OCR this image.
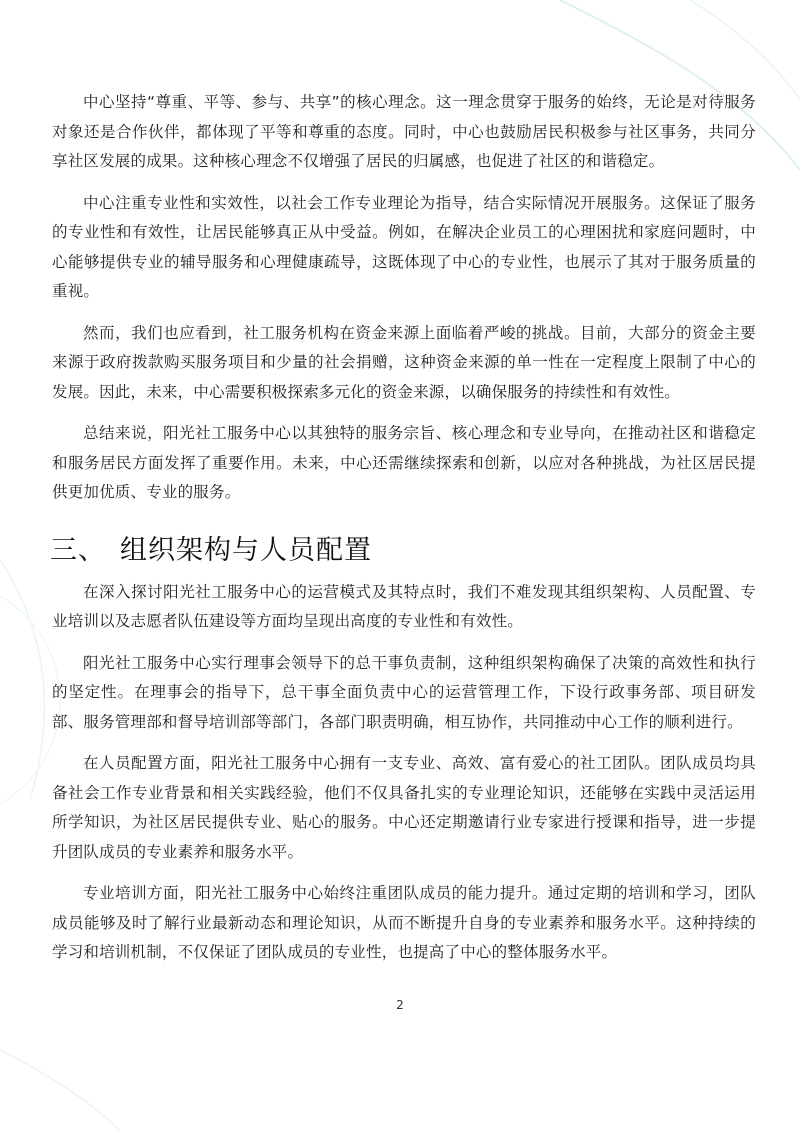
中心坚持“尊重、平等、参与、共享”的核心理念。这一理念贯穿于服务的始终，无论是对待服务对象还是合作伙伴，都体现了平等和尊重的态度。同时，中心也鼓励居民积极参与社区事务，共同分享社区发展的成果。这种核心理念不仅增强了居民的归属感，也促进了社区的和谐稳定。

中心注重专业性和实效性，以社会工作专业理论为指导，结合实际情况开展服务。这保证了服务的专业性和有效性，让居民能够真正从中受益。例如，在解决企业员工的心理困扰和家庭问题时，中心能够提供专业的辅导服务和心理健康疏导，这既体现了中心的专业性，也展示了其对于服务质量的重视。

然而，我们也应看到，社工服务机构在资金来源上面临着严峻的挑战。目前，大部分的资金主要来源于政府拨款购买服务项目和少量的社会捐赠，这种资金来源的单一性在一定程度上限制了中心的发展。因此，未来，中心需要积极探索多元化的资金来源，以确保服务的持续性和有效性。

总结来说，阳光社工服务中心以其独特的服务宗旨、核心理念和专业导向，在推动社区和谐稳定和服务居民方面发挥了重要作用。未来，中心还需继续探索和创新，以应对各种挑战，为社区居民提供更加优质、专业的服务。

三、 组织架构与人员配置

在深入探讨阳光社工服务中心的运营模式及其特点时，我们不难发现其组织架构、人员配置、专业培训以及志愿者队伍建设等方面均呈现出高度的专业性和有效性。

阳光社工服务中心实行理事会领导下的总干事负责制，这种组织架构确保了决策的高效性和执行的坚定性。在理事会的指导下，总干事全面负责中心的运营管理工作，下设行政事务部、项目研发部、服务管理部和督导培训部等部门，各部门职责明确，相互协作，共同推动中心工作的顺利进行。

在人员配置方面，阳光社工服务中心拥有一支专业、高效、富有爱心的社工团队。团队成员均具备社会工作专业背景和相关实践经验，他们不仅具备扎实的专业理论知识，还能够在实践中灵活运用所学知识，为社区居民提供专业、贴心的服务。中心还定期邀请行业专家进行授课和指导，进一步提升团队成员的专业素养和服务水平。

专业培训方面，阳光社工服务中心始终注重团队成员的能力提升。通过定期的培训和学习，团队成员能够及时了解行业最新动态和理论知识，从而不断提升自身的专业素养和服务水平。这种持续的学习和培训机制，不仅保证了团队成员的专业性，也提高了中心的整体服务水平。

2
